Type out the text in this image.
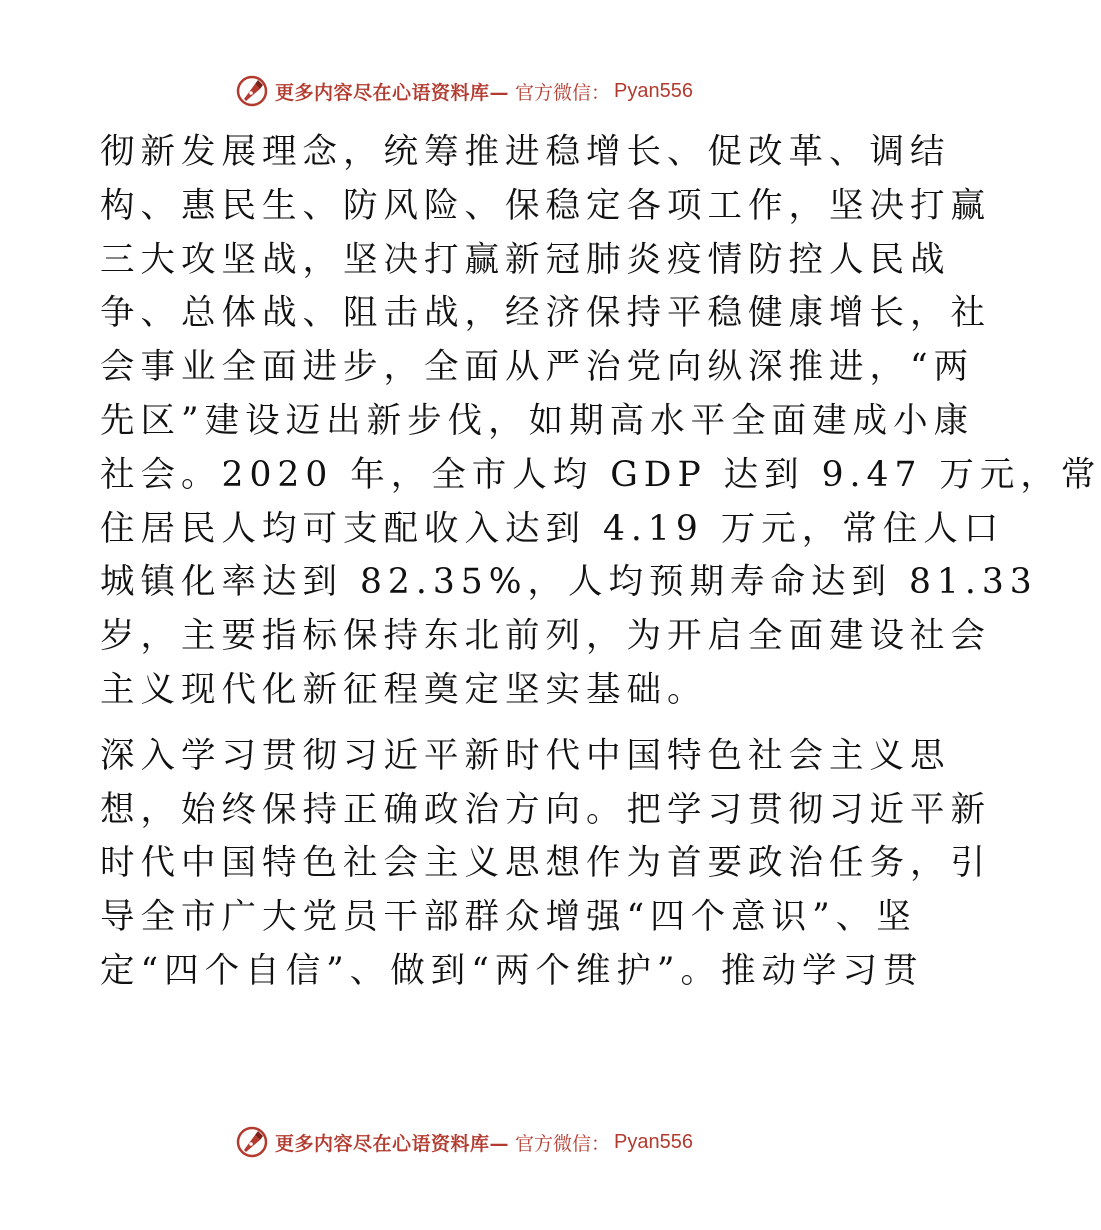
更多内容尽在心语资料库— 官方微信： Pyan556

彻新发展理念，统筹推进稳增长、促改革、调结
构、惠民生、防风险、保稳定各项工作，坚决打赢
三大攻坚战，坚决打赢新冠肺炎疫情防控人民战
争、总体战、阻击战，经济保持平稳健康增长，社
会事业全面进步，全面从严治党向纵深推进，“两
先区”建设迈出新步伐，如期高水平全面建成小康
社会。2020 年，全市人均 GDP 达到 9.47 万元，常
住居民人均可支配收入达到 4.19 万元，常住人口
城镇化率达到 82.35%，人均预期寿命达到 81.33
岁，主要指标保持东北前列，为开启全面建设社会
主义现代化新征程奠定坚实基础。

深入学习贯彻习近平新时代中国特色社会主义思
想，始终保持正确政治方向。把学习贯彻习近平新
时代中国特色社会主义思想作为首要政治任务，引
导全市广大党员干部群众增强“四个意识”、坚
定“四个自信”、做到“两个维护”。推动学习贯

更多内容尽在心语资料库— 官方微信： Pyan556
